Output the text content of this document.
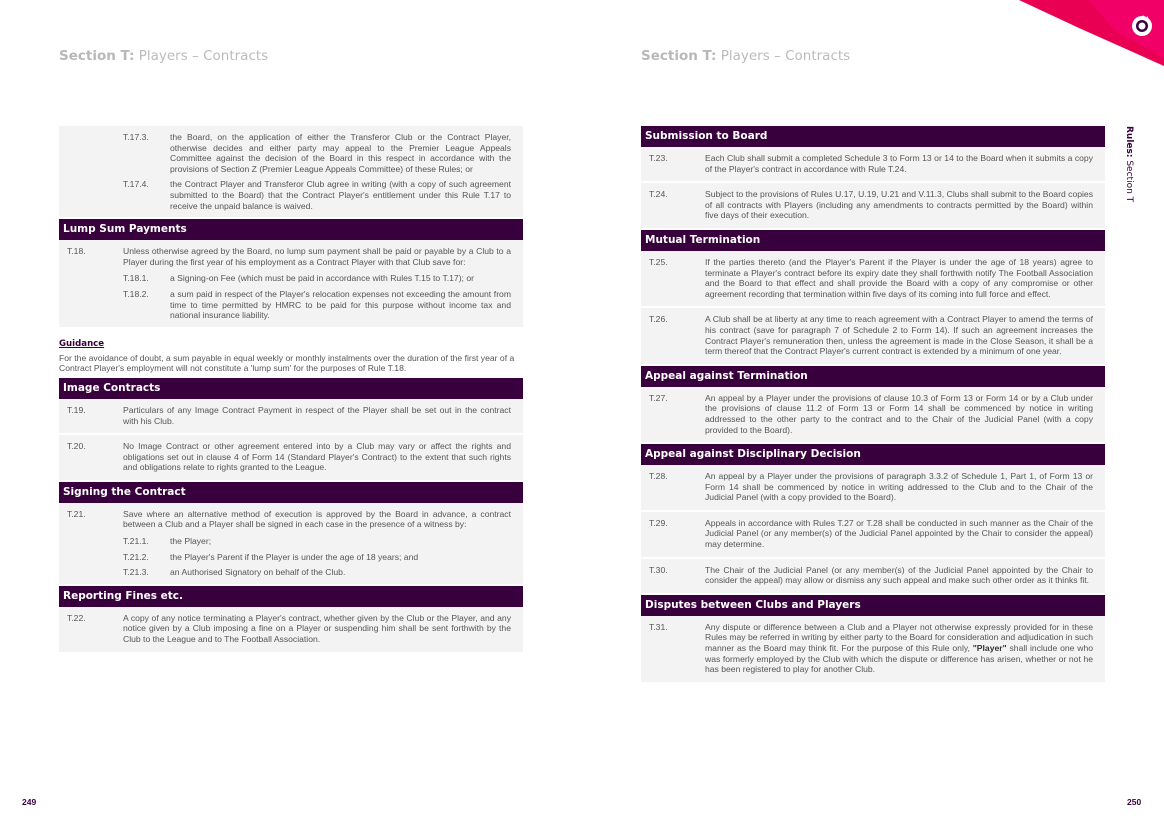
Section T: Players – Contracts	Section T: Players – Contracts
Rules: Section T
T.17.3.	the Board, on the application of either the Transferor Club or the Contract Player, otherwise decides and either party may appeal to the Premier League Appeals Committee against the decision of the Board in this respect in accordance with the provisions of Section Z (Premier League Appeals Committee) of these Rules; or
T.17.4.	the Contract Player and Transferor Club agree in writing (with a copy of such agreement submitted to the Board) that the Contract Player's entitlement under this Rule T.17 to receive the unpaid balance is waived.
Lump Sum Payments
T.18.	Unless otherwise agreed by the Board, no lump sum payment shall be paid or payable by a Club to a Player during the first year of his employment as a Contract Player with that Club save for:
T.18.1.	a Signing-on Fee (which must be paid in accordance with Rules T.15 to T.17); or
T.18.2.	a sum paid in respect of the Player's relocation expenses not exceeding the amount from time to time permitted by HMRC to be paid for this purpose without income tax and national insurance liability.
Guidance
For the avoidance of doubt, a sum payable in equal weekly or monthly instalments over the duration of the first year of a Contract Player's employment will not constitute a 'lump sum' for the purposes of Rule T.18.
Image Contracts
T.19.	Particulars of any Image Contract Payment in respect of the Player shall be set out in the contract with his Club.
T.20.	No Image Contract or other agreement entered into by a Club may vary or affect the rights and obligations set out in clause 4 of Form 14 (Standard Player's Contract) to the extent that such rights and obligations relate to rights granted to the League.
Signing the Contract
T.21.	Save where an alternative method of execution is approved by the Board in advance, a contract between a Club and a Player shall be signed in each case in the presence of a witness by:
T.21.1.	the Player;
T.21.2.	the Player's Parent if the Player is under the age of 18 years; and
T.21.3.	an Authorised Signatory on behalf of the Club.
Reporting Fines etc.
T.22.	A copy of any notice terminating a Player's contract, whether given by the Club or the Player, and any notice given by a Club imposing a fine on a Player or suspending him shall be sent forthwith by the Club to the League and to The Football Association.
Submission to Board
T.23.	Each Club shall submit a completed Schedule 3 to Form 13 or 14 to the Board when it submits a copy of the Player's contract in accordance with Rule T.24.
T.24.	Subject to the provisions of Rules U.17, U.19, U.21 and V.11.3, Clubs shall submit to the Board copies of all contracts with Players (including any amendments to contracts permitted by the Board) within five days of their execution.
Mutual Termination
T.25.	If the parties thereto (and the Player's Parent if the Player is under the age of 18 years) agree to terminate a Player's contract before its expiry date they shall forthwith notify The Football Association and the Board to that effect and shall provide the Board with a copy of any compromise or other agreement recording that termination within five days of its coming into full force and effect.
T.26.	A Club shall be at liberty at any time to reach agreement with a Contract Player to amend the terms of his contract (save for paragraph 7 of Schedule 2 to Form 14). If such an agreement increases the Contract Player's remuneration then, unless the agreement is made in the Close Season, it shall be a term thereof that the Contract Player's current contract is extended by a minimum of one year.
Appeal against Termination
T.27.	An appeal by a Player under the provisions of clause 10.3 of Form 13 or Form 14 or by a Club under the provisions of clause 11.2 of Form 13 or Form 14 shall be commenced by notice in writing addressed to the other party to the contract and to the Chair of the Judicial Panel (with a copy provided to the Board).
Appeal against Disciplinary Decision
T.28.	An appeal by a Player under the provisions of paragraph 3.3.2 of Schedule 1, Part 1, of Form 13 or Form 14 shall be commenced by notice in writing addressed to the Club and to the Chair of the Judicial Panel (with a copy provided to the Board).
T.29.	Appeals in accordance with Rules T.27 or T.28 shall be conducted in such manner as the Chair of the Judicial Panel (or any member(s) of the Judicial Panel appointed by the Chair to consider the appeal) may determine.
T.30.	The Chair of the Judicial Panel (or any member(s) of the Judicial Panel appointed by the Chair to consider the appeal) may allow or dismiss any such appeal and make such other order as it thinks fit.
Disputes between Clubs and Players
T.31.	Any dispute or difference between a Club and a Player not otherwise expressly provided for in these Rules may be referred in writing by either party to the Board for consideration and adjudication in such manner as the Board may think fit. For the purpose of this Rule only, "Player" shall include one who was formerly employed by the Club with which the dispute or difference has arisen, whether or not he has been registered to play for another Club.
249	250
